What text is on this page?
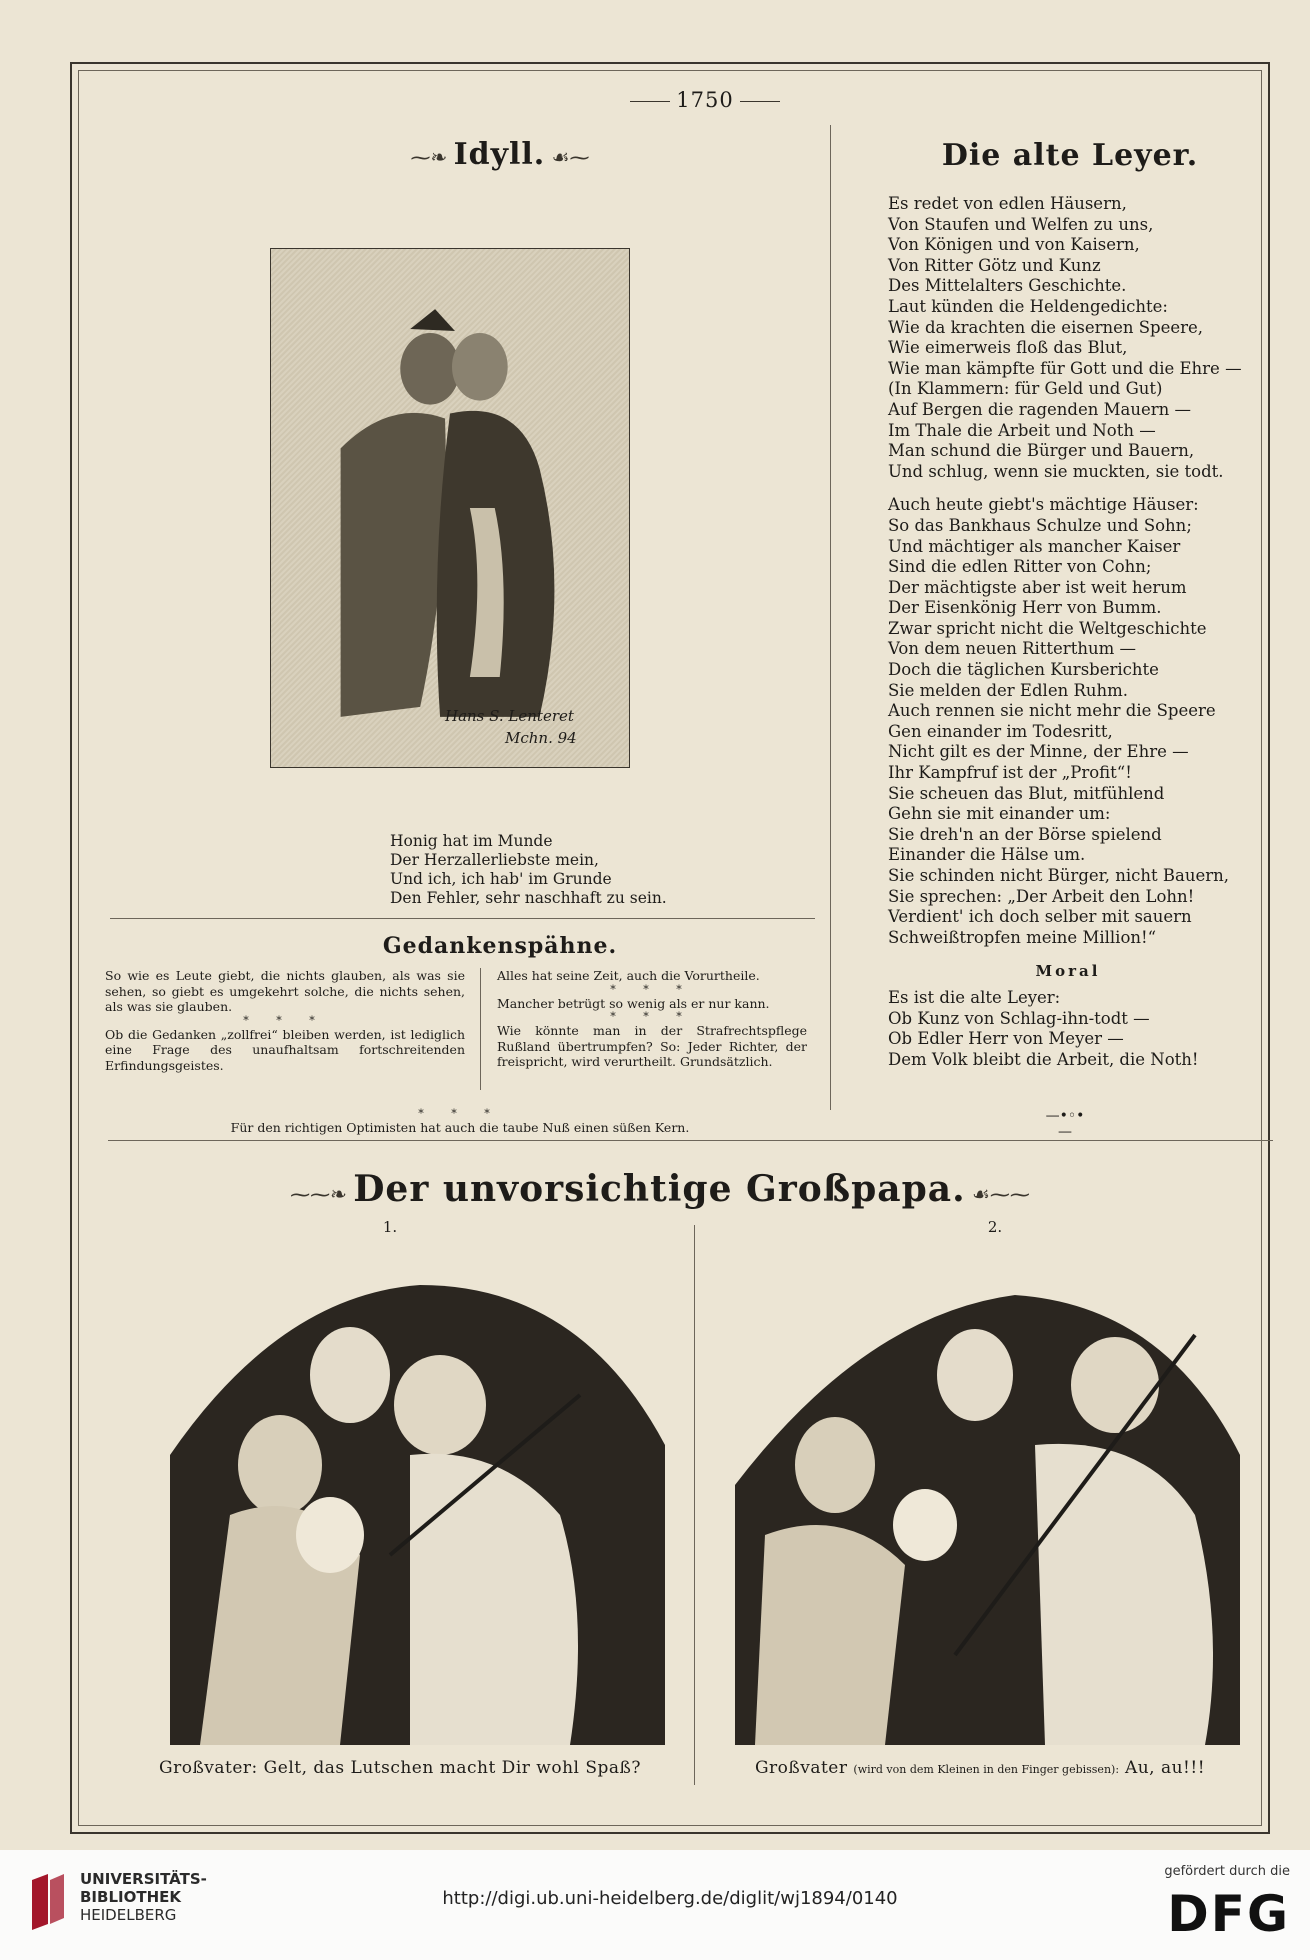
1750
⁓❧ Idyll. ☙⁓
Hans S. Lenteret
Mchn. 94
Honig hat im Munde
Der Herzallerliebste mein,
Und ich, ich hab' im Grunde
Den Fehler, sehr naschhaft zu sein.
Die alte Leyer.
Es redet von edlen Häusern,
Von Staufen und Welfen zu uns,
Von Königen und von Kaisern,
Von Ritter Götz und Kunz
Des Mittelalters Geschichte.
Laut künden die Heldengedichte:
Wie da krachten die eisernen Speere,
Wie eimerweis floß das Blut,
Wie man kämpfte für Gott und die Ehre —
(In Klammern: für Geld und Gut)
Auf Bergen die ragenden Mauern —
Im Thale die Arbeit und Noth —
Man schund die Bürger und Bauern,
Und schlug, wenn sie muckten, sie todt.
Auch heute giebt's mächtige Häuser:
So das Bankhaus Schulze und Sohn;
Und mächtiger als mancher Kaiser
Sind die edlen Ritter von Cohn;
Der mächtigste aber ist weit herum
Der Eisenkönig Herr von Bumm.
Zwar spricht nicht die Weltgeschichte
Von dem neuen Ritterthum —
Doch die täglichen Kursberichte
Sie melden der Edlen Ruhm.
Auch rennen sie nicht mehr die Speere
Gen einander im Todesritt,
Nicht gilt es der Minne, der Ehre —
Ihr Kampfruf ist der „Profit“!
Sie scheuen das Blut, mitfühlend
Gehn sie mit einander um:
Sie dreh'n an der Börse spielend
Einander die Hälse um.
Sie schinden nicht Bürger, nicht Bauern,
Sie sprechen: „Der Arbeit den Lohn!
Verdient' ich doch selber mit sauern
Schweißtropfen meine Million!“
Moral
Es ist die alte Leyer:
Ob Kunz von Schlag-ihn-todt —
Ob Edler Herr von Meyer —
Dem Volk bleibt die Arbeit, die Noth!
—•◦•—
Gedankenspähne.
So wie es Leute giebt, die nichts glauben, als was sie sehen, so giebt es umgekehrt solche, die nichts sehen, als was sie glauben.
* * *
Ob die Gedanken „zollfrei“ bleiben werden, ist lediglich eine Frage des unaufhaltsam fortschreitenden Erfindungsgeistes.
Alles hat seine Zeit, auch die Vorurtheile.
* * *
Mancher betrügt so wenig als er nur kann.
* * *
Wie könnte man in der Strafrechtspflege Rußland übertrumpfen? So: Jeder Richter, der freispricht, wird verurtheilt. Grundsätzlich.
* * *
Für den richtigen Optimisten hat auch die taube Nuß einen süßen Kern.
⁓⁓❧ Der unvorsichtige Großpapa. ☙⁓⁓
1.	2.
Großvater: Gelt, das Lutschen macht Dir wohl Spaß?	Großvater (wird von dem Kleinen in den Finger gebissen): Au, au!!!
UNIVERSITÄTS-
BIBLIOTHEK
HEIDELBERG
http://digi.ub.uni-heidelberg.de/diglit/wj1894/0140
gefördert durch die
DFG
